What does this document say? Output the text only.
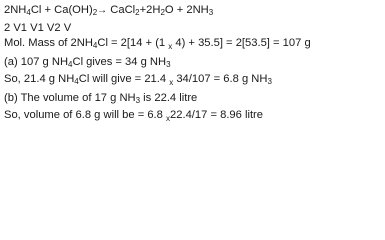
$2NH_4Cl + Ca(OH)_2\to$ $CaCl_2+2H_2O + 2NH_3$
2 V1 V1 V2 V
Mol. Mass of $2NH_4Cl = 2[14 + (1$ $_x$ 4) + 35.5] = 2[53.5] = 107 g
(a) 107 g $NH_4Cl$ gives = 34 g $NH_3$
So, 21.4 g $NH_4Cl$ will give = 21.4 $_x$ 34/107 = 6.8 g $NH_3$
(b) The volume of 17 g $NH_3$ is 22.4 litre
So, volume of 6.8 g will be = 6.8 $_x$22.4/17 = 8.96 litre
